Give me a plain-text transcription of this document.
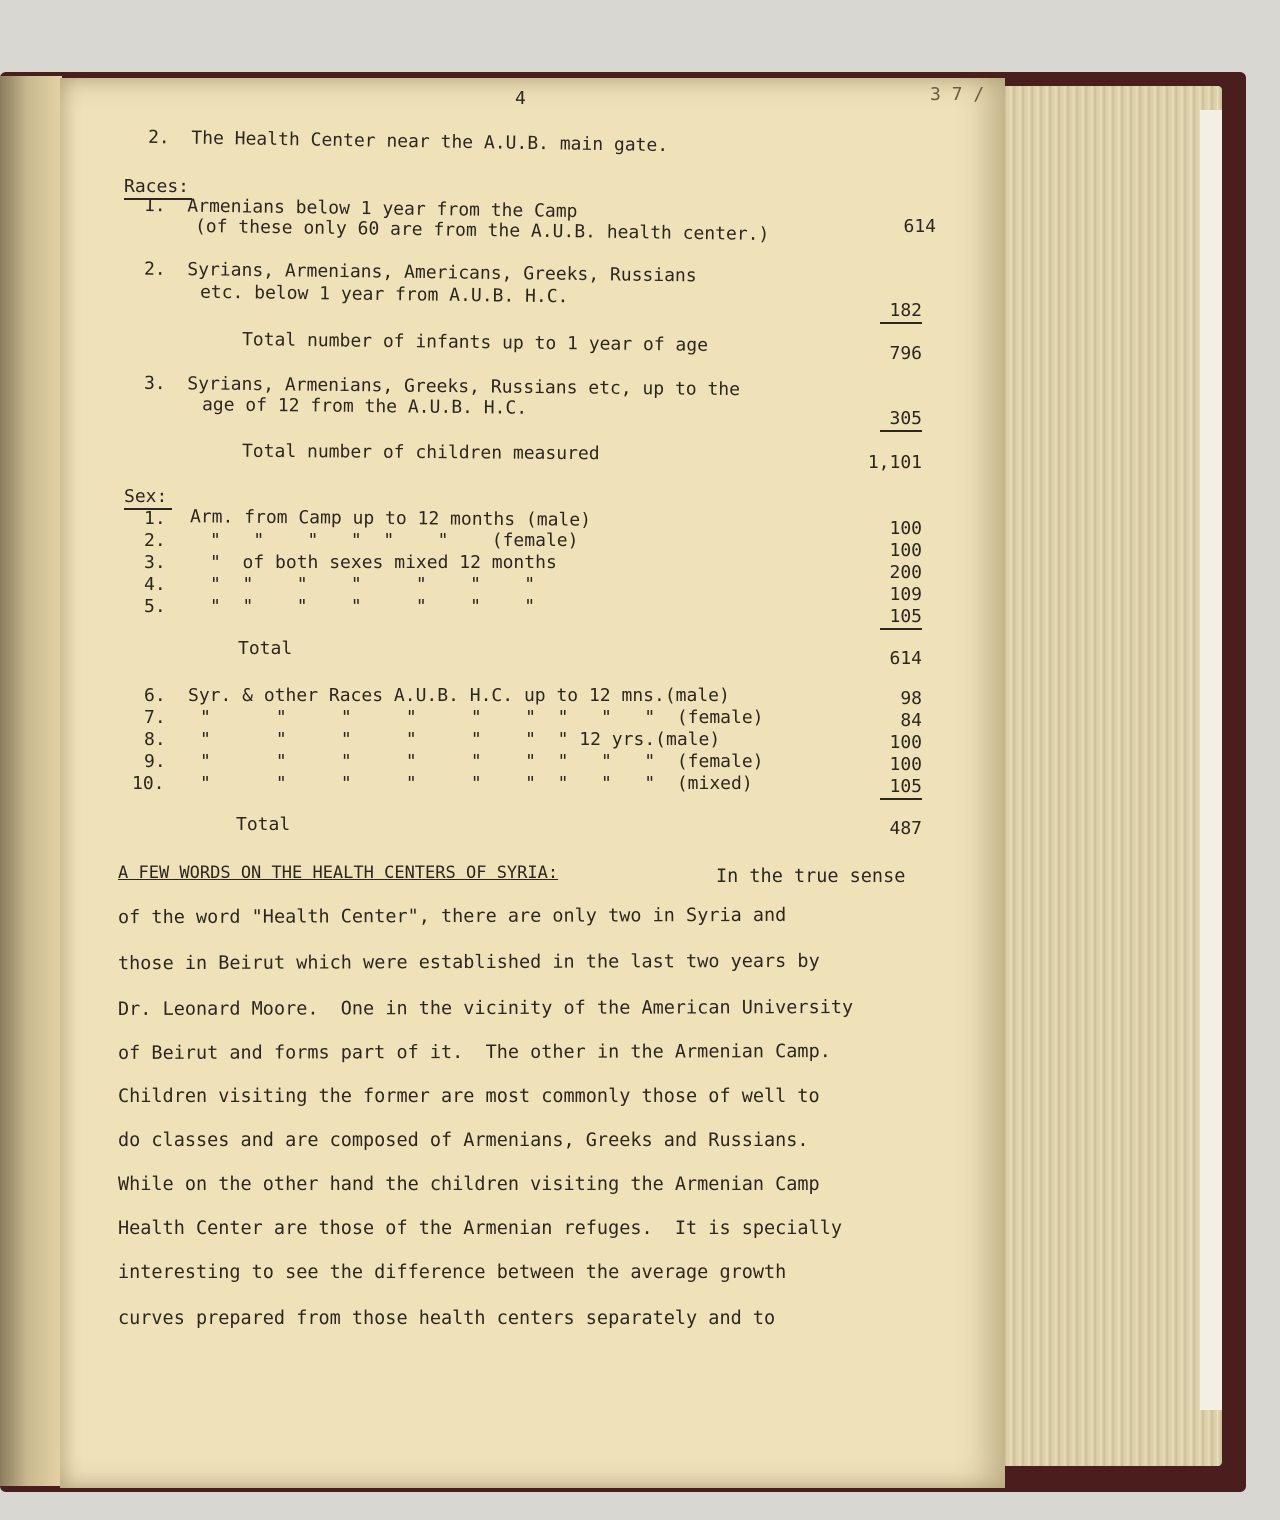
4	3 7 /
2.  The Health Center near the A.U.B. main gate.
Races:
1.  Armenians below 1 year from the Camp
(of these only 60 are from the A.U.B. health center.)	614
2.  Syrians, Armenians, Americans, Greeks, Russians
etc. below 1 year from A.U.B. H.C.
182
Total number of infants up to 1 year of age	796
3.  Syrians, Armenians, Greeks, Russians etc, up to the
age of 12 from the A.U.B. H.C.	305
Total number of children measured	1,101
Sex:
1. Arm. from Camp up to 12 months (male)	100
2. "   "    "   "  "    "    (female)	100
3. "  of both sexes mixed 12 months	200
4. "  "    "    "     "    "    "	109
5. "  "    "    "     "    "    "	105
Total	614
6. Syr. & other Races A.U.B. H.C. up to 12 mns.(male)	98
7. "      "     "     "     "    "  "   "   "  (female)	84
8. "      "     "     "     "    "  " 12 yrs.(male)	100
9. "      "     "     "     "    "  "   "   "  (female)	100
10. "      "     "     "     "    "  "   "   "  (mixed)	105
Total	487
A FEW WORDS ON THE HEALTH CENTERS OF SYRIA:	In the true sense
of the word "Health Center", there are only two in Syria and
those in Beirut which were established in the last two years by
Dr. Leonard Moore.  One in the vicinity of the American University
of Beirut and forms part of it.  The other in the Armenian Camp.
Children visiting the former are most commonly those of well to
do classes and are composed of Armenians, Greeks and Russians.
While on the other hand the children visiting the Armenian Camp
Health Center are those of the Armenian refuges.  It is specially
interesting to see the difference between the average growth
curves prepared from those health centers separately and to
